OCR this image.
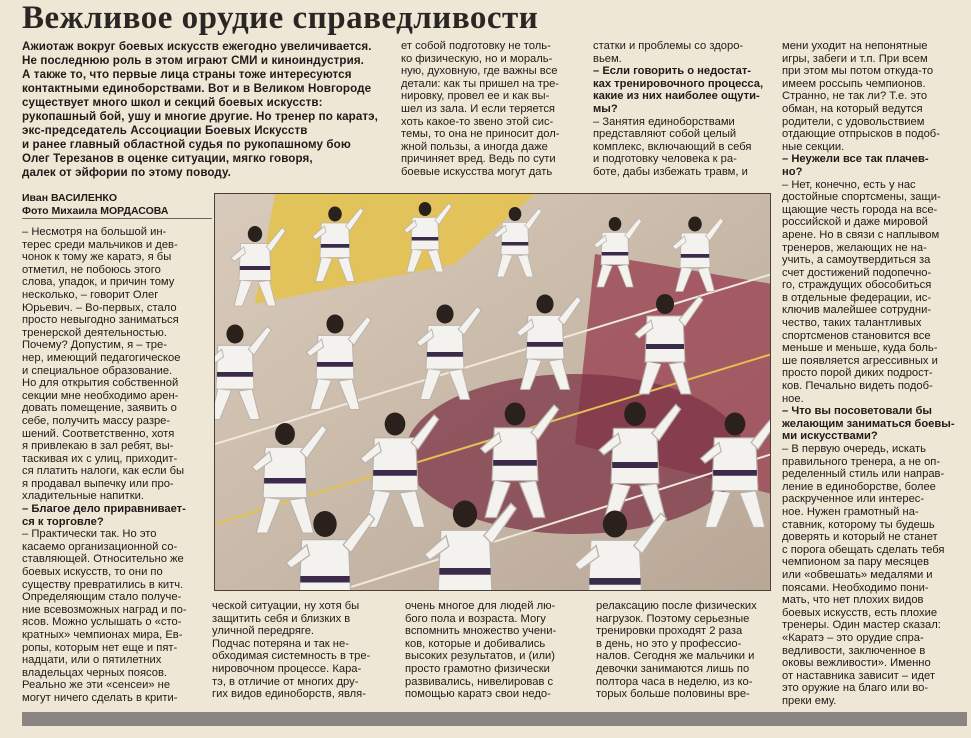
Вежливое орудие справедливости
Ажиотаж вокруг боевых искусств ежегодно увеличивается.
Не последнюю роль в этом играют СМИ и киноиндустрия.
А также то, что первые лица страны тоже интересуются
контактными единоборствами. Вот и в Великом Новгороде
существует много школ и секций боевых искусств:
рукопашный бой, ушу и многие другие. Но тренер по каратэ,
экс-председатель Ассоциации Боевых Искусств
и ранее главный областной судья по рукопашному бою
Олег Терезанов в оценке ситуации, мягко говоря,
далек от эйфории по этому поводу.
Иван ВАСИЛЕНКО
Фото Михаила МОРДАСОВА
– Несмотря на большой ин-
терес среди мальчиков и дев-
чонок к тому же каратэ, я бы
отметил, не побоюсь этого
слова, упадок, и причин тому
несколько, – говорит Олег
Юрьевич. – Во-первых, стало
просто невыгодно заниматься
тренерской деятельностью.
Почему? Допустим, я – тре-
нер, имеющий педагогическое
и специальное образование.
Но для открытия собственной
секции мне необходимо арен-
довать помещение, заявить о
себе, получить массу разре-
шений. Соответственно, хотя
я привлекаю в зал ребят, вы-
таскивая их с улиц, приходит-
ся платить налоги, как если бы
я продавал выпечку или про-
хладительные напитки.
– Благое дело приравнивает-
ся к торговле?
– Практически так. Но это
касаемо организационной со-
ставляющей. Относительно же
боевых искусств, то они по
существу превратились в китч.
Определяющим стало получе-
ние всевозможных наград и по-
ясов. Можно услышать о «сто-
кратных» чемпионах мира, Ев-
ропы, которым нет еще и пят-
надцати, или о пятилетних
владельцах черных поясов.
Реально же эти «сенсеи» не
могут ничего сделать в крити-
ет собой подготовку не толь-
ко физическую, но и мораль-
ную, духовную, где важны все
детали: как ты пришел на тре-
нировку, провел ее и как вы-
шел из зала. И если теряется
хоть какое-то звено этой сис-
темы, то она не приносит дол-
жной пользы, а иногда даже
причиняет вред. Ведь по сути
боевые искусства могут дать
статки и проблемы со здоро-
вьем.
– Если говорить о недостат-
ках тренировочного процесса,
какие из них наиболее ощути-
мы?
– Занятия единоборствами
представляют собой целый
комплекс, включающий в себя
и подготовку человека к ра-
боте, дабы избежать травм, и
мени уходит на непонятные
игры, забеги и т.п. При всем
при этом мы потом откуда-то
имеем россыпь чемпионов.
Странно, не так ли? Т.е. это
обман, на который ведутся
родители, с удовольствием
отдающие отпрысков в подоб-
ные секции.
– Неужели все так плачев-
но?
– Нет, конечно, есть у нас
достойные спортсмены, защи-
щающие честь города на все-
российской и даже мировой
арене. Но в связи с наплывом
тренеров, желающих не на-
учить, а самоутвердиться за
счет достижений подопечно-
го, страждущих обособиться
в отдельные федерации, ис-
ключив малейшее сотрудни-
чество, таких талантливых
спортсменов становится все
меньше и меньше, куда боль-
ше появляется агрессивных и
просто порой диких подрост-
ков. Печально видеть подоб-
ное.
– Что вы посоветовали бы
желающим заниматься боевы-
ми искусствами?
– В первую очередь, искать
правильного тренера, а не оп-
ределенный стиль или направ-
ление в единоборстве, более
раскрученное или интерес-
ное. Нужен грамотный на-
ставник, которому ты будешь
доверять и который не станет
с порога обещать сделать тебя
чемпионом за пару месяцев
или «обвешать» медалями и
поясами. Необходимо пони-
мать, что нет плохих видов
боевых искусств, есть плохие
тренеры. Один мастер сказал:
«Каратэ – это орудие спра-
ведливости, заключенное в
оковы вежливости». Именно
от наставника зависит – идет
это оружие на благо или во-
преки ему.
ческой ситуации, ну хотя бы
защитить себя и близких в
уличной передряге.
Подчас потеряна и так не-
обходимая системность в тре-
нировочном процессе. Кара-
тэ, в отличие от многих дру-
гих видов единоборств, явля-
очень многое для людей лю-
бого пола и возраста. Могу
вспомнить множество учени-
ков, которые и добивались
высоких результатов, и (или)
просто грамотно физически
развивались, нивелировав с
помощью каратэ свои недо-
релаксацию после физических
нагрузок. Поэтому серьезные
тренировки проходят 2 раза
в день, но это у профессио-
налов. Сегодня же мальчики и
девочки занимаются лишь по
полтора часа в неделю, из ко-
торых больше половины вре-
